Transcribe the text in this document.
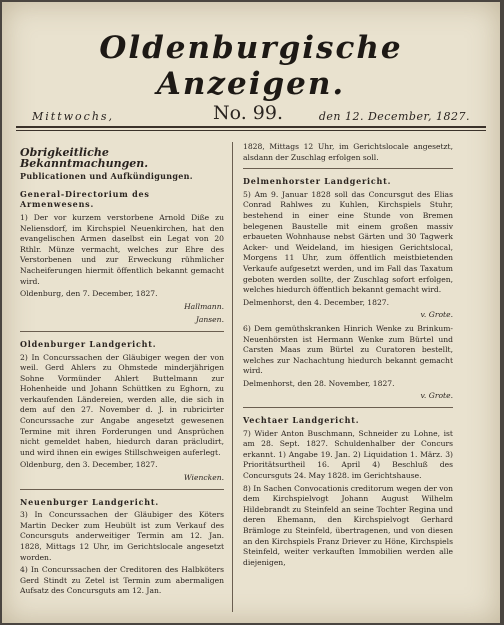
Oldenburgische Anzeigen.
Mittwochs,	No. 99.	den 12. December, 1827.
Obrigkeitliche Bekanntmachungen.
Publicationen und Aufkündigungen.
General-Directorium des Armenwesens.

1) Der vor kurzem verstorbene Arnold Diße zu Neliensdorf, im Kirchspiel Neuenkirchen, hat den evangelischen Armen daselbst ein Legat von 20 Rthlr. Münze vermacht, welches zur Ehre des Verstorbenen und zur Erweckung rühmlicher Nacheiferungen hiermit öffentlich bekannt gemacht wird.

Oldenburg, den 7. December, 1827.

Hallmann.
Jansen.
Oldenburger Landgericht.

2) In Concurssachen der Gläubiger wegen der von weil. Gerd Ahlers zu Ohmstede minderjährigen Sohne Vormünder Ahlert Buttelmann zur Hohenheide und Johann Schüttken zu Eghorn, zu verkaufenden Ländereien, werden alle, die sich in dem auf den 27. November d. J. in rubricirter Concurssache zur Angabe angesetzt gewesenen Termine mit ihren Forderungen und Ansprüchen nicht gemeldet haben, hiedurch daran präcludirt, und wird ihnen ein ewiges Stillschweigen auferlegt.

Oldenburg, den 3. December, 1827.

Wiencken.
Neuenburger Landgericht.

3) In Concurssachen der Gläubiger des Köters Martin Decker zum Heubült ist zum Verkauf des Concursguts anderweitiger Termin am 12. Jan. 1828, Mittags 12 Uhr, im Gerichtslocale angesetzt worden.

4) In Concurssachen der Creditoren des Halbköters Gerd Stindt zu Zetel ist Termin zum abermaligen Aufsatz des Concursguts am 12. Jan.

1828, Mittags 12 Uhr, im Gerichtslocale angesetzt, alsdann der Zuschlag erfolgen soll.

Delmenhorster Landgericht.

5) Am 9. Januar 1828 soll das Concursgut des Elias Conrad Rahlwes zu Kuhlen, Kirchspiels Stuhr, bestehend in einer eine Stunde von Bremen belegenen Baustelle mit einem großen massiv erbaueten Wohnhause nebst Gärten und 30 Tagwerk Acker- und Weideland, im hiesigen Gerichtslocal, Morgens 11 Uhr, zum öffentlich meistbietenden Verkaufe aufgesetzt werden, und im Fall das Taxatum geboten werden sollte, der Zuschlag sofort erfolgen, welches hiedurch öffentlich bekannt gemacht wird.

Delmenhorst, den 4. December, 1827.

v. Grote.

6) Dem gemüthskranken Hinrich Wenke zu Brinkum-Neuenhörsten ist Hermann Wenke zum Bürtel und Carsten Maas zum Bürtel zu Curatoren bestellt, welches zur Nachachtung hiedurch bekannt gemacht wird.

Delmenhorst, den 28. November, 1827.

v. Grote.
Vechtaer Landgericht.

7) Wider Anton Buschmann, Schneider zu Lohne, ist am 28. Sept. 1827. Schuldenhalber der Concurs erkannt. 1) Angabe 19. Jan. 2) Liquidation 1. März. 3) Prioritätsurtheil 16. April 4) Beschluß des Concursguts 24. May 1828. im Gerichtshause.

8) In Sachen Convocationis creditorum wegen der von dem Kirchspielvogt Johann August Wilhelm Hildebrandt zu Steinfeld an seine Tochter Regina und deren Ehemann, den Kirchspielvogt Gerhard Brämloge zu Steinfeld, übertragenen, und von diesen an den Kirchspiels Franz Driever zu Höne, Kirchspiels Steinfeld, weiter verkauften Immobilien werden alle diejenigen,
